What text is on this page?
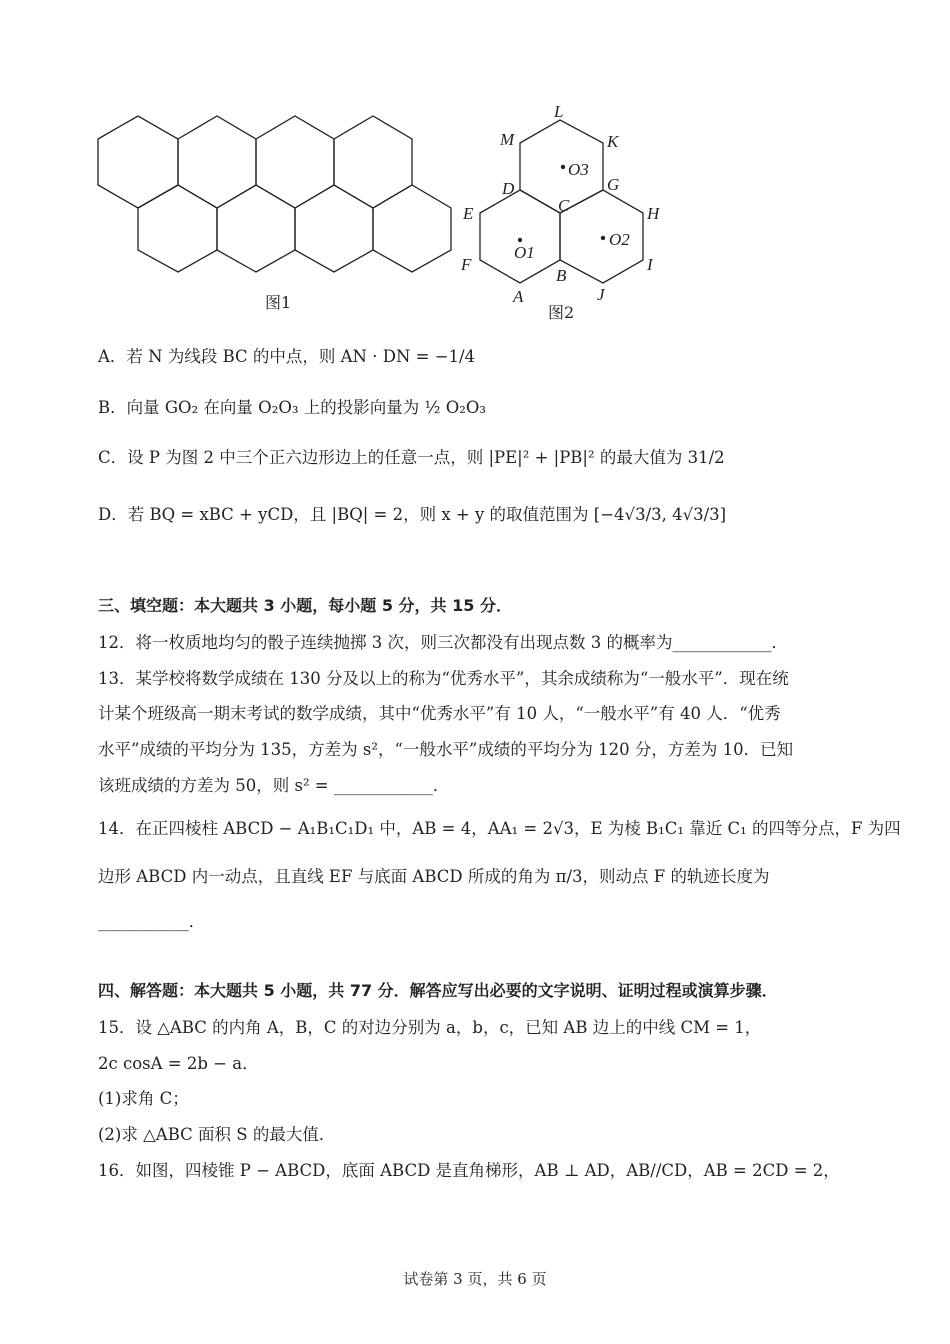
图1
L
M	K
D	G
C
E	H
F	I
B
A	J
O3
O1
O2
图2
A．若 N 为线段 BC 的中点，则 AN · DN = −1/4
B．向量 GO₂ 在向量 O₂O₃ 上的投影向量为 ½ O₂O₃
C．设 P 为图 2 中三个正六边形边上的任意一点，则 |PE|² + |PB|² 的最大值为 31/2
D．若 BQ = xBC + yCD，且 |BQ| = 2，则 x + y 的取值范围为 [−4√3/3, 4√3/3]
三、填空题：本大题共 3 小题，每小题 5 分，共 15 分．
12．将一枚质地均匀的骰子连续抛掷 3 次，则三次都没有出现点数 3 的概率为____________．
13．某学校将数学成绩在 130 分及以上的称为“优秀水平”，其余成绩称为“一般水平”．现在统
计某个班级高一期末考试的数学成绩，其中“优秀水平”有 10 人，“一般水平”有 40 人．“优秀
水平”成绩的平均分为 135，方差为 s²，“一般水平”成绩的平均分为 120 分，方差为 10．已知
该班成绩的方差为 50，则 s² = ____________．
14．在正四棱柱 ABCD − A₁B₁C₁D₁ 中，AB = 4，AA₁ = 2√3，E 为棱 B₁C₁ 靠近 C₁ 的四等分点，F 为四
边形 ABCD 内一动点，且直线 EF 与底面 ABCD 所成的角为 π/3，则动点 F 的轨迹长度为
___________．
四、解答题：本大题共 5 小题，共 77 分．解答应写出必要的文字说明、证明过程或演算步骤．
15．设 △ABC 的内角 A，B，C 的对边分别为 a，b，c，已知 AB 边上的中线 CM = 1，
2c cosA = 2b − a．
(1)求角 C；
(2)求 △ABC 面积 S 的最大值．
16．如图，四棱锥 P − ABCD，底面 ABCD 是直角梯形，AB ⊥ AD，AB//CD，AB = 2CD = 2，
试卷第 3 页，共 6 页
